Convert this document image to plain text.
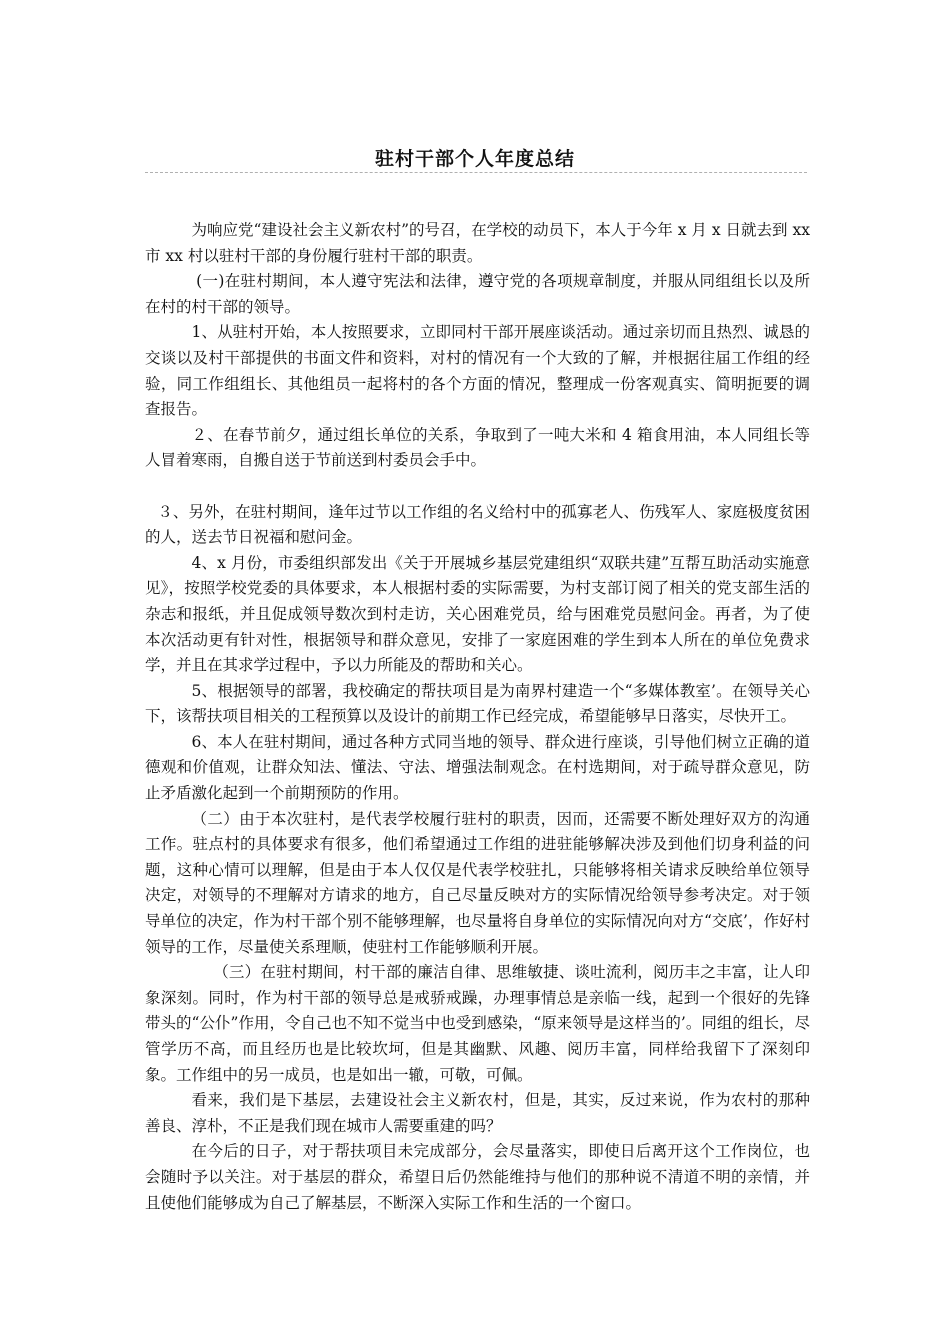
驻村干部个人年度总结

为响应党“建设社会主义新农村”的号召，在学校的动员下，本人于今年 x 月 x 日就去到 xx 市 xx 村以驻村干部的身份履行驻村干部的职责。

(一)在驻村期间，本人遵守宪法和法律，遵守党的各项规章制度，并服从同组组长以及所在村的村干部的领导。

1、从驻村开始，本人按照要求，立即同村干部开展座谈活动。通过亲切而且热烈、诚恳的交谈以及村干部提供的书面文件和资料，对村的情况有一个大致的了解，并根据往届工作组的经验，同工作组组长、其他组员一起将村的各个方面的情况，整理成一份客观真实、简明扼要的调查报告。

２、在春节前夕，通过组长单位的关系，争取到了一吨大米和 4 箱食用油，本人同组长等人冒着寒雨，自搬自送于节前送到村委员会手中。

３、另外，在驻村期间，逢年过节以工作组的名义给村中的孤寡老人、伤残军人、家庭极度贫困的人，送去节日祝福和慰问金。

4、x 月份，市委组织部发出《关于开展城乡基层党建组织“双联共建”互帮互助活动实施意见》，按照学校党委的具体要求，本人根据村委的实际需要，为村支部订阅了相关的党支部生活的杂志和报纸，并且促成领导数次到村走访，关心困难党员，给与困难党员慰问金。再者，为了使本次活动更有针对性，根据领导和群众意见，安排了一家庭困难的学生到本人所在的单位免费求学，并且在其求学过程中，予以力所能及的帮助和关心。

5、根据领导的部署，我校确定的帮扶项目是为南界村建造一个“多媒体教室’。在领导关心下，该帮扶项目相关的工程预算以及设计的前期工作已经完成，希望能够早日落实，尽快开工。

6、本人在驻村期间，通过各种方式同当地的领导、群众进行座谈，引导他们树立正确的道德观和价值观，让群众知法、懂法、守法、增强法制观念。在村选期间，对于疏导群众意见，防止矛盾激化起到一个前期预防的作用。

（二）由于本次驻村，是代表学校履行驻村的职责，因而，还需要不断处理好双方的沟通工作。驻点村的具体要求有很多，他们希望通过工作组的进驻能够解决涉及到他们切身利益的问题，这种心情可以理解，但是由于本人仅仅是代表学校驻扎，只能够将相关请求反映给单位领导决定，对领导的不理解对方请求的地方，自己尽量反映对方的实际情况给领导参考决定。对于领导单位的决定，作为村干部个别不能够理解，也尽量将自身单位的实际情况向对方“交底’，作好村领导的工作，尽量使关系理顺，使驻村工作能够顺利开展。

（三）在驻村期间，村干部的廉洁自律、思维敏捷、谈吐流利，阅历丰之丰富，让人印象深刻。同时，作为村干部的领导总是戒骄戒躁，办理事情总是亲临一线，起到一个很好的先锋带头的“公仆”作用，令自己也不知不觉当中也受到感染，“原来领导是这样当的’。同组的组长，尽管学历不高，而且经历也是比较坎坷，但是其幽默、风趣、阅历丰富，同样给我留下了深刻印象。工作组中的另一成员，也是如出一辙，可敬，可佩。

看来，我们是下基层，去建设社会主义新农村，但是，其实，反过来说，作为农村的那种善良、淳朴，不正是我们现在城市人需要重建的吗？

在今后的日子，对于帮扶项目未完成部分，会尽量落实，即使日后离开这个工作岗位，也会随时予以关注。对于基层的群众，希望日后仍然能维持与他们的那种说不清道不明的亲情，并且使他们能够成为自己了解基层，不断深入实际工作和生活的一个窗口。
